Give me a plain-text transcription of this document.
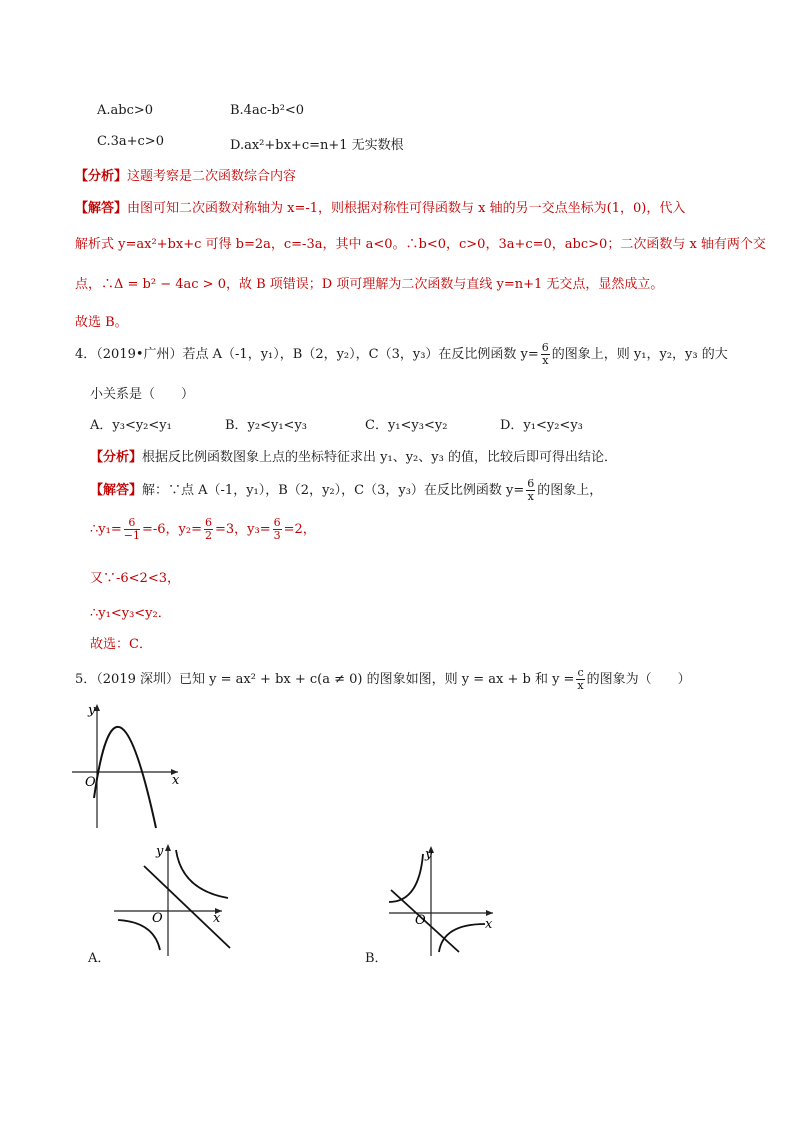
A.abc>0	B.4ac-b²<0
C.3a+c>0	D.ax²+bx+c=n+1 无实数根
【分析】这题考察是二次函数综合内容
【解答】由图可知二次函数对称轴为 x=-1，则根据对称性可得函数与 x 轴的另一交点坐标为(1，0)，代入
解析式 y=ax²+bx+c 可得 b=2a，c=-3a，其中 a<0。∴b<0，c>0，3a+c=0，abc>0；二次函数与 x 轴有两个交
点，∴Δ = b² − 4ac > 0，故 B 项错误；D 项可理解为二次函数与直线 y=n+1 无交点，显然成立。
故选 B。
4．（2019•广州）若点 A（-1，y₁），B（2，y₂），C（3，y₃）在反比例函数 $y= \frac{6}{x}$ 的图象上，则 y₁，y₂，y₃ 的大
小关系是（　　）
A．y₃<y₂<y₁	B．y₂<y₁<y₃	C．y₁<y₃<y₂	D．y₁<y₂<y₃
【分析】根据反比例函数图象上点的坐标特征求出 y₁、y₂、y₃ 的值，比较后即可得出结论．
【解答】解：∵点 A（-1，y₁），B（2，y₂），C（3，y₃）在反比例函数 $y= \frac{6}{x}$ 的图象上，
∴y₁= $\frac{6}{-1} =-6$，$y_2= \frac{6}{2} =3$，$y_3= \frac{6}{3} =2$，
又∵-6<2<3，
∴y₁<y₃<y₂．
故选：C．
5．（2019 深圳）已知 y = ax² + bx + c(a ≠ 0) 的图象如图，则 y = ax + b 和 $y = \frac{c}{x}$ 的图象为（　　）
y
x
O
y
x
O
A．
y
x
O
B．
